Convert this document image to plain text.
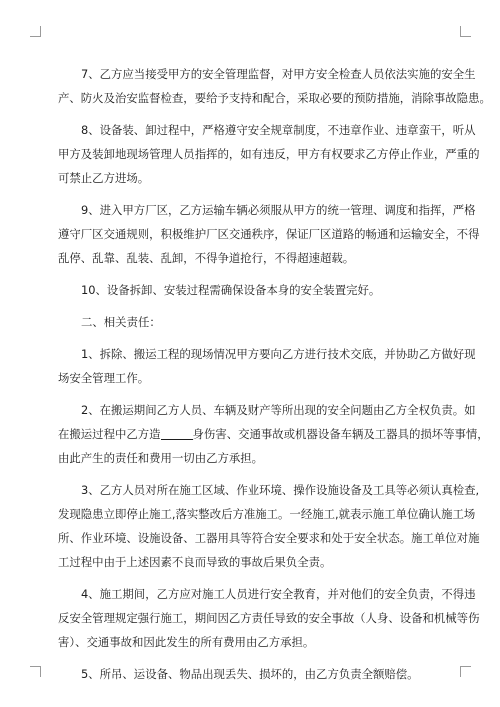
7、乙方应当接受甲方的安全管理监督，对甲方安全检查人员依法实施的安全生
产、防火及治安监督检查，要给予支持和配合，采取必要的预防措施，消除事故隐患。

8、设备装、卸过程中，严格遵守安全规章制度，不违章作业、违章蛮干，听从
甲方及装卸地现场管理人员指挥的，如有违反，甲方有权要求乙方停止作业，严重的
可禁止乙方进场。

9、进入甲方厂区，乙方运输车辆必须服从甲方的统一管理、调度和指挥，严格
遵守厂区交通规则，积极维护厂区交通秩序，保证厂区道路的畅通和运输安全，不得
乱停、乱靠、乱装、乱卸，不得争道抢行，不得超速超载。

10、设备拆卸、安装过程需确保设备本身的安全装置完好。

二、相关责任：

1、拆除、搬运工程的现场情况甲方要向乙方进行技术交底，并协助乙方做好现
场安全管理工作。

2、在搬运期间乙方人员、车辆及财产等所出现的安全问题由乙方全权负责。如
在搬运过程中乙方造	身伤害、交通事故或机器设备车辆及工器具的损坏等事情，
由此产生的责任和费用一切由乙方承担。

3、乙方人员对所在施工区域、作业环境、操作设施设备及工具等必须认真检查,
发现隐患立即停止施工,落实整改后方准施工。一经施工,就表示施工单位确认施工场
所、作业环境、设施设备、工器用具等符合安全要求和处于安全状态。施工单位对施
工过程中由于上述因素不良而导致的事故后果负全责。

4、施工期间，乙方应对施工人员进行安全教育，并对他们的安全负责，不得违
反安全管理规定强行施工，期间因乙方责任导致的安全事故（人身、设备和机械等伤
害）、交通事故和因此发生的所有费用由乙方承担。

5、所吊、运设备、物品出现丢失、损坏的，由乙方负责全额赔偿。
